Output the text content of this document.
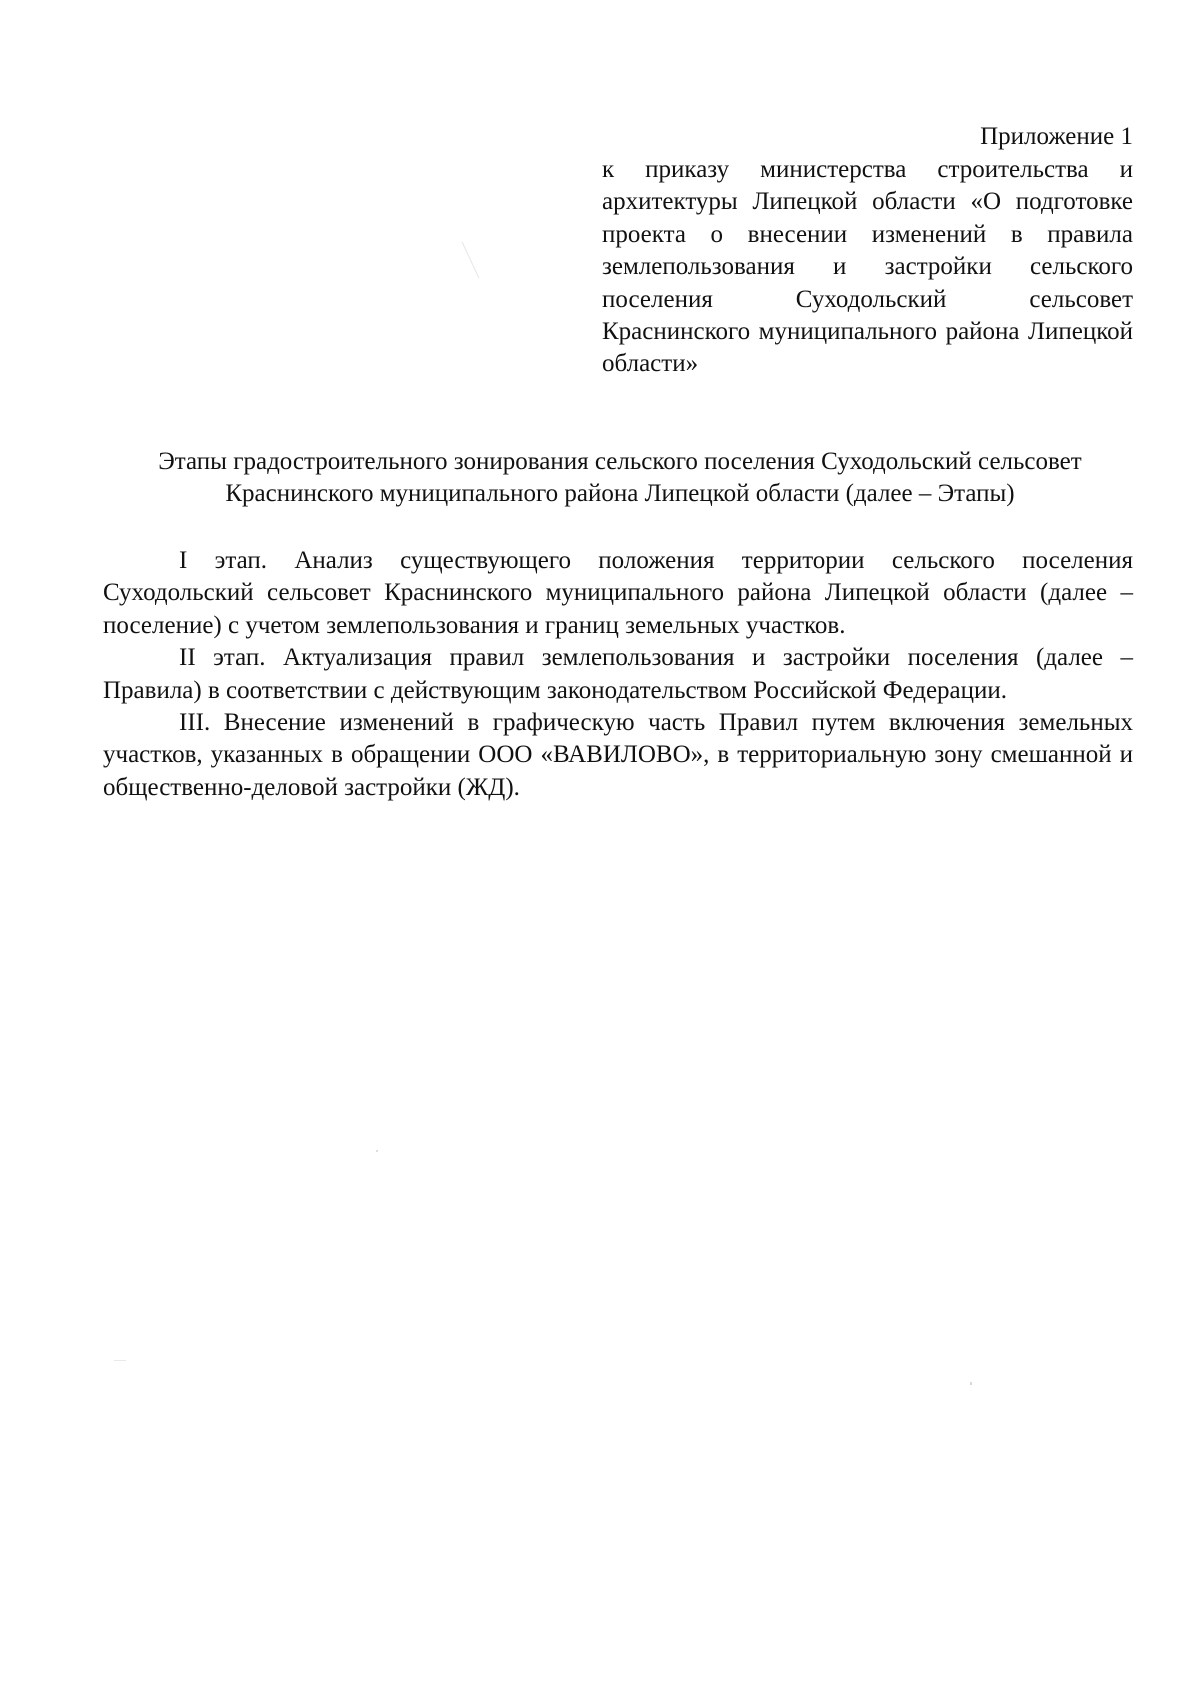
Приложение 1
к приказу министерства строительства и архитектуры Липецкой области «О подготовке проекта о внесении изменений в правила землепользования и застройки сельского поселения Суходольский сельсовет Краснинского муниципального района Липецкой области»
Этапы градостроительного зонирования сельского поселения Суходольский сельсовет Краснинского муниципального района Липецкой области (далее – Этапы)

I этап. Анализ существующего положения территории сельского поселения Суходольский сельсовет Краснинского муниципального района Липецкой области (далее – поселение) с учетом землепользования и границ земельных участков.

II этап. Актуализация правил землепользования и застройки поселения (далее – Правила) в соответствии с действующим законодательством Российской Федерации.

III. Внесение изменений в графическую часть Правил путем включения земельных участков, указанных в обращении ООО «ВАВИЛОВО», в территориальную зону смешанной и общественно-деловой застройки (ЖД).
